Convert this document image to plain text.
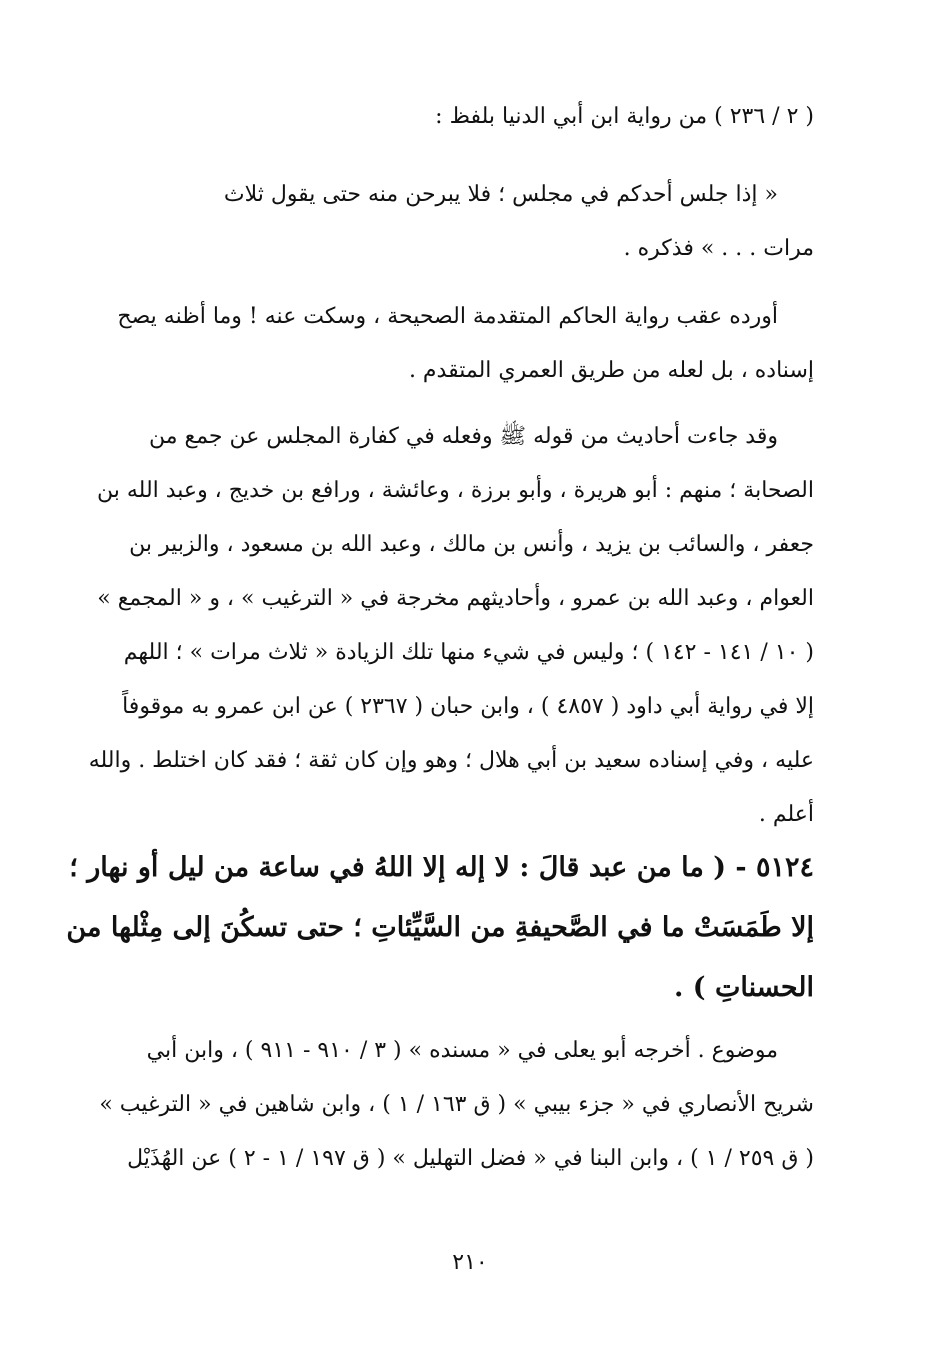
( ٢ / ٢٣٦ ) من رواية ابن أبي الدنيا بلفظ :
« إذا جلس أحدكم في مجلس ؛ فلا يبرحن منه حتى يقول ثلاث
مرات . . . » فذكره .
أورده عقب رواية الحاكم المتقدمة الصحيحة ، وسكت عنه ! وما أظنه يصح
إسناده ، بل لعله من طريق العمري المتقدم .
وقد جاءت أحاديث من قوله ﷺ وفعله في كفارة المجلس عن جمع من
الصحابة ؛ منهم : أبو هريرة ، وأبو برزة ، وعائشة ، ورافع بن خديج ، وعبد الله بن
جعفر ، والسائب بن يزيد ، وأنس بن مالك ، وعبد الله بن مسعود ، والزبير بن
العوام ، وعبد الله بن عمرو ، وأحاديثهم مخرجة في « الترغيب » ، و « المجمع »
( ١٠ / ١٤١ - ١٤٢ ) ؛ وليس في شيء منها تلك الزيادة « ثلاث مرات » ؛ اللهم
إلا في رواية أبي داود ( ٤٨٥٧ ) ، وابن حبان ( ٢٣٦٧ ) عن ابن عمرو به موقوفاً
عليه ، وفي إسناده سعيد بن أبي هلال ؛ وهو وإن كان ثقة ؛ فقد كان اختلط . والله
أعلم .
٥١٢٤ - ( ما من عبد قالَ : لا إله إلا اللهُ في ساعة من ليل أو نهار ؛
إلا طَمَسَتْ ما في الصَّحيفةِ من السَّيِّئاتِ ؛ حتى تسكُنَ إلى مِثْلها من
الحسناتِ ) .
موضوع . أخرجه أبو يعلى في « مسنده » ( ٣ / ٩١٠ - ٩١١ ) ، وابن أبي
شريح الأنصاري في « جزء بيبي » ( ق ١٦٣ / ١ ) ، وابن شاهين في « الترغيب »
( ق ٢٥٩ / ١ ) ، وابن البنا في « فضل التهليل » ( ق ١٩٧ / ١ - ٢ ) عن الهُذَيْل
٢١٠
